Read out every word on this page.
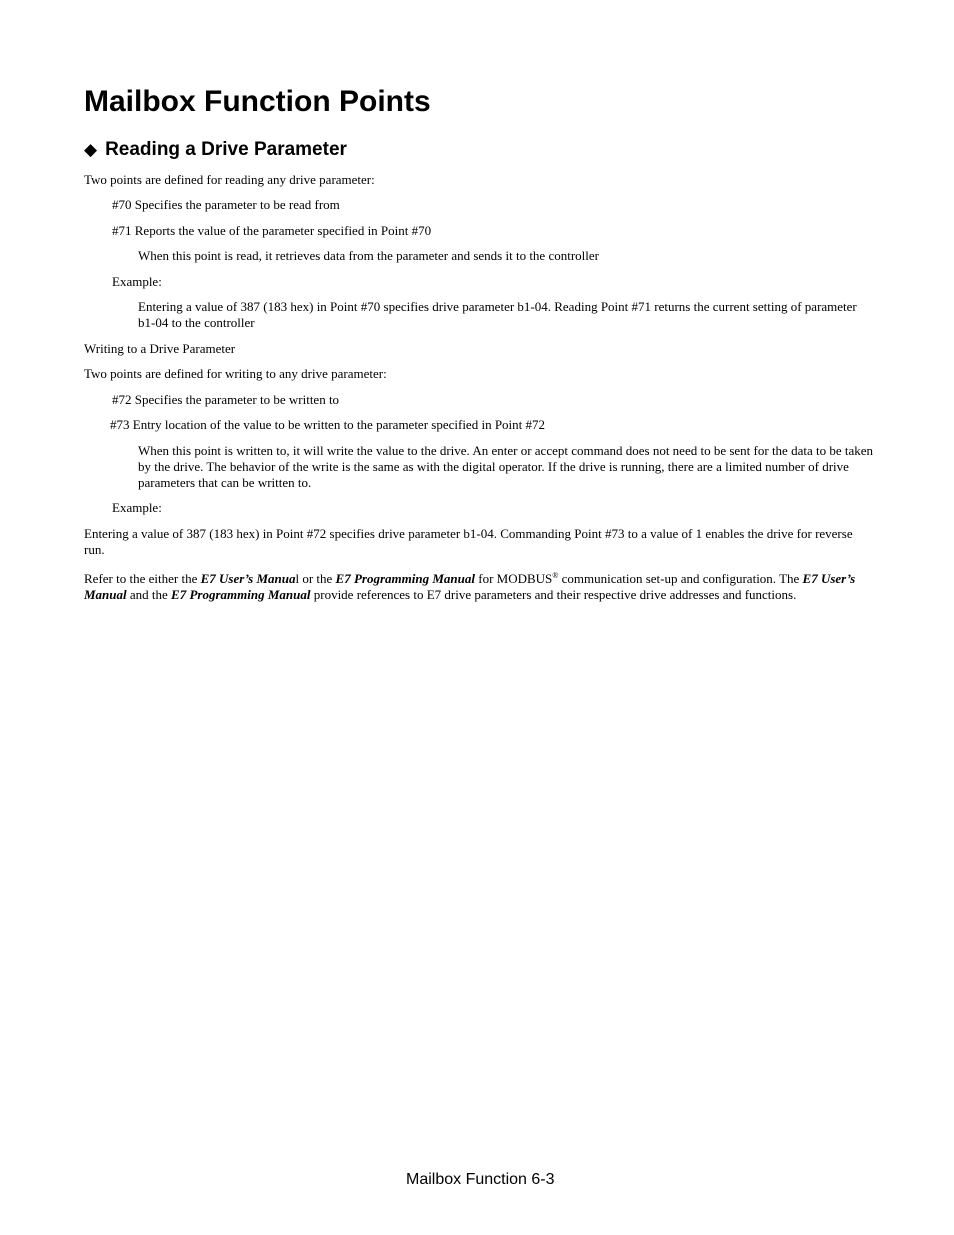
Mailbox Function Points
◆ Reading a Drive Parameter

Two points are defined for reading any drive parameter:

#70 Specifies the parameter to be read from

#71 Reports the value of the parameter specified in Point #70

When this point is read, it retrieves data from the parameter and sends it to the controller

Example:

Entering a value of 387 (183 hex) in Point #70 specifies drive parameter b1-04. Reading Point #71 returns the current setting of parameter b1-04 to the controller

Writing to a Drive Parameter

Two points are defined for writing to any drive parameter:

#72 Specifies the parameter to be written to

#73 Entry location of the value to be written to the parameter specified in Point #72

When this point is written to, it will write the value to the drive. An enter or accept command does not need to be sent for the data to be taken by the drive. The behavior of the write is the same as with the digital operator. If the drive is running, there are a limited number of drive parameters that can be written to.

Example:

Entering a value of 387 (183 hex) in Point #72 specifies drive parameter b1-04. Commanding Point #73 to a value of 1 enables the drive for reverse run.

Refer to the either the E7 User’s Manual or the E7 Programming Manual for MODBUS® communication set-up and configuration. The E7 User’s Manual and the E7 Programming Manual provide references to E7 drive parameters and their respective drive addresses and functions.

Mailbox Function 6-3
